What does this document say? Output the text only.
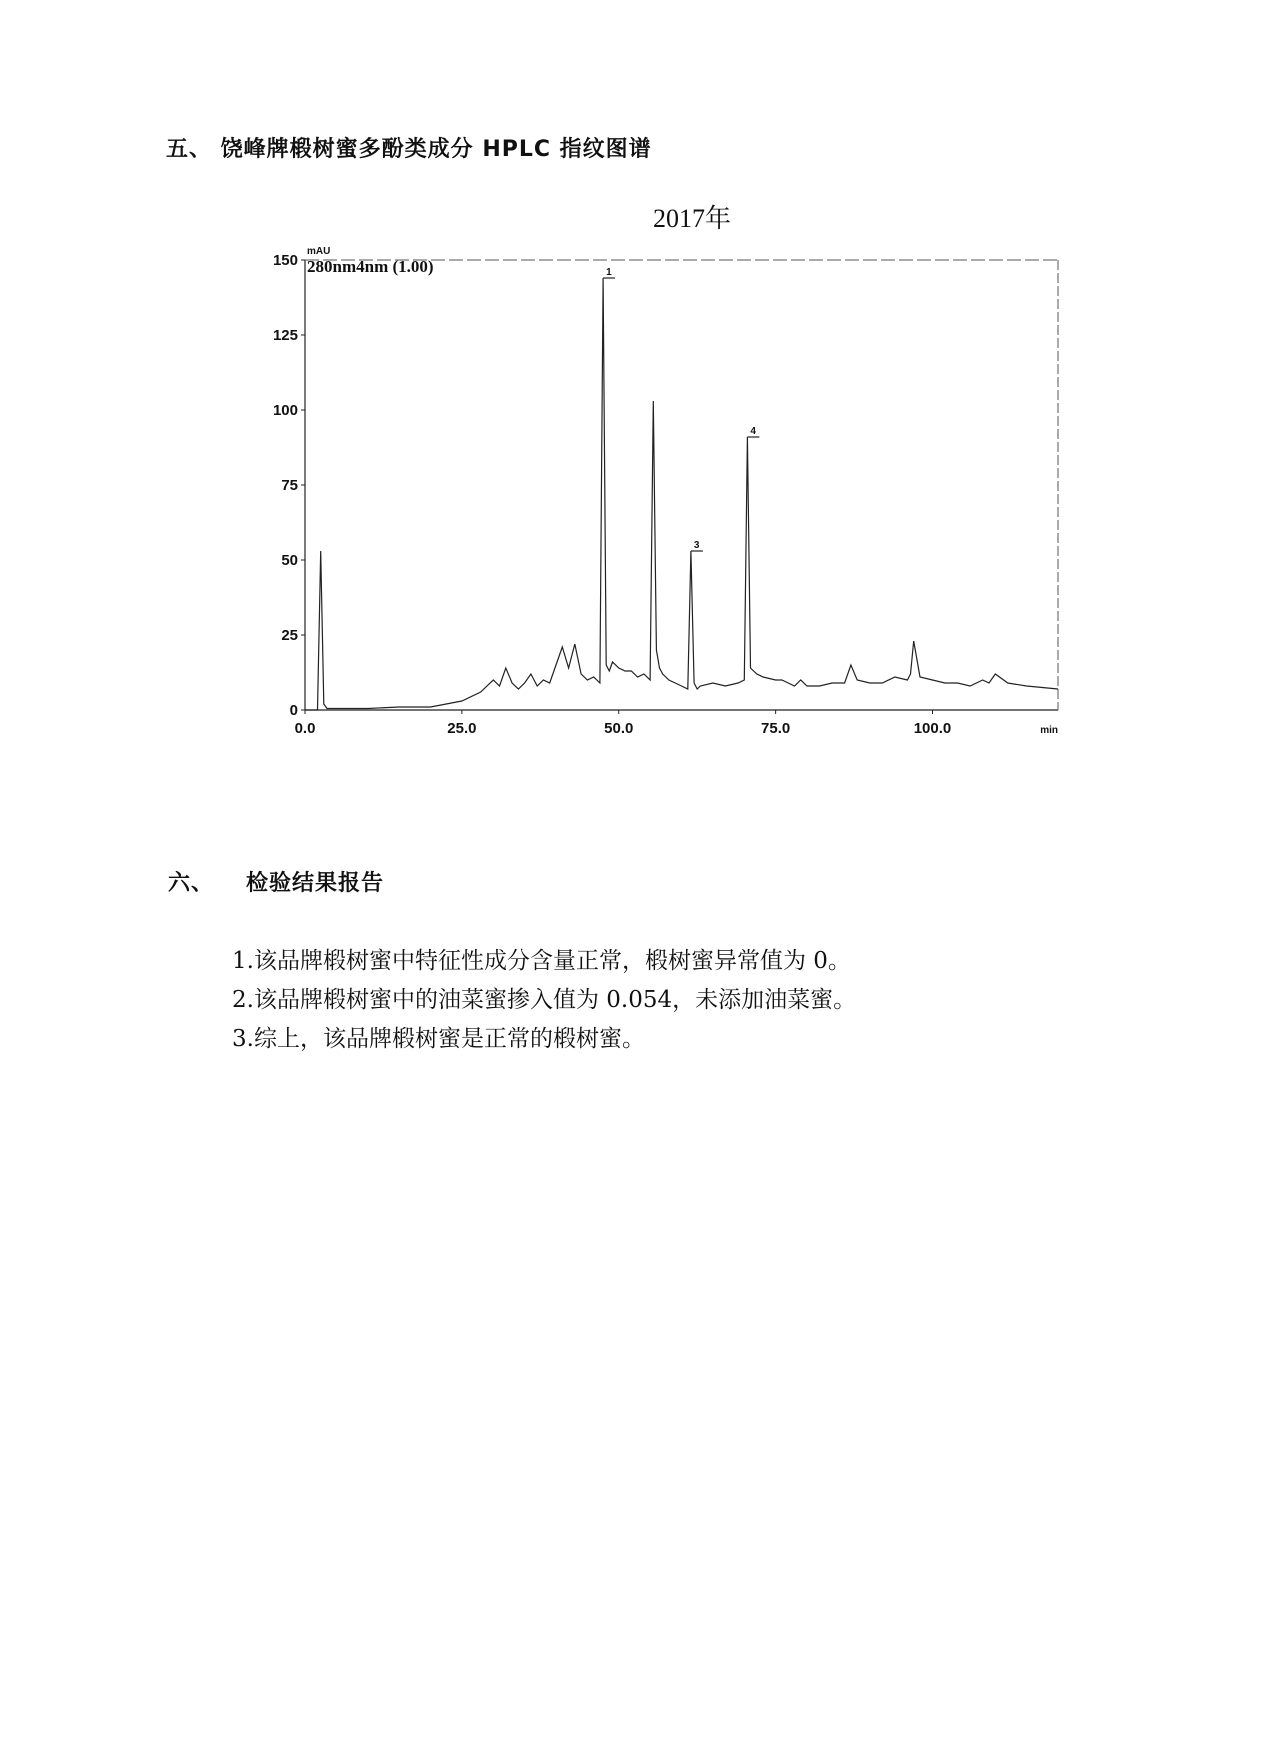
五、 饶峰牌椴树蜜多酚类成分 HPLC 指纹图谱
2017年
0
25
50
75
100
125
150
0.0	25.0	50.0	75.0	100.0
mAU
280nm4nm (1.00)
min
1
3
4
六、 检验结果报告
1.该品牌椴树蜜中特征性成分含量正常，椴树蜜异常值为 0。
2.该品牌椴树蜜中的油菜蜜掺入值为 0.054，未添加油菜蜜。
3.综上，该品牌椴树蜜是正常的椴树蜜。
